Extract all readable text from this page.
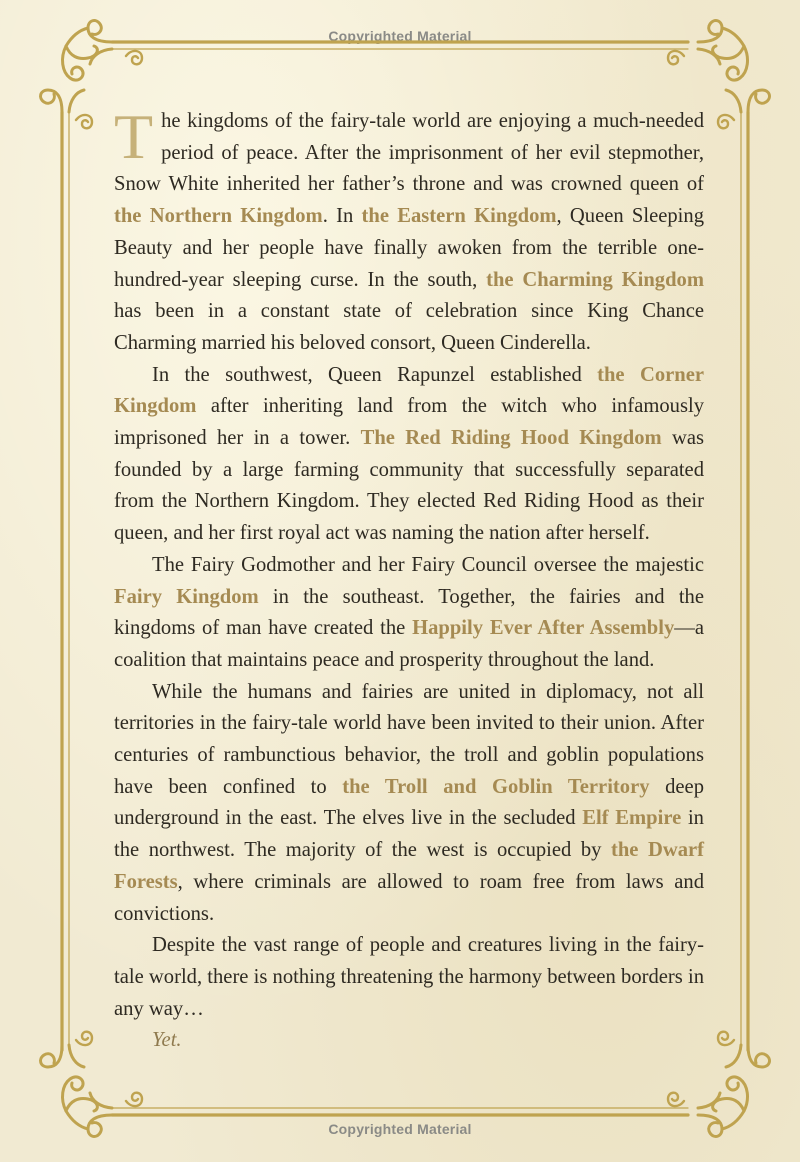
Copyrighted Material
Copyrighted Material

The kingdoms of the fairy-tale world are enjoying a much-needed period of peace. After the imprisonment of her evil stepmother, Snow White inherited her father’s throne and was crowned queen of the Northern Kingdom. In the Eastern Kingdom, Queen Sleeping Beauty and her people have finally awoken from the terrible one-hundred-year sleeping curse. In the south, the Charming Kingdom has been in a constant state of celebration since King Chance Charming married his beloved consort, Queen Cinderella.

In the southwest, Queen Rapunzel established the Corner Kingdom after inheriting land from the witch who infamously imprisoned her in a tower. The Red Riding Hood Kingdom was founded by a large farming community that successfully separated from the Northern Kingdom. They elected Red Riding Hood as their queen, and her first royal act was naming the nation after herself.

The Fairy Godmother and her Fairy Council oversee the majestic Fairy Kingdom in the southeast. Together, the fairies and the kingdoms of man have created the Happily Ever After Assembly—a coalition that maintains peace and prosperity throughout the land.

While the humans and fairies are united in diplomacy, not all territories in the fairy-tale world have been invited to their union. After centuries of rambunctious behavior, the troll and goblin populations have been confined to the Troll and Goblin Territory deep underground in the east. The elves live in the secluded Elf Empire in the northwest. The majority of the west is occupied by the Dwarf Forests, where criminals are allowed to roam free from laws and convictions.

Despite the vast range of people and creatures living in the fairy-tale world, there is nothing threatening the harmony between borders in any way…

Yet.
